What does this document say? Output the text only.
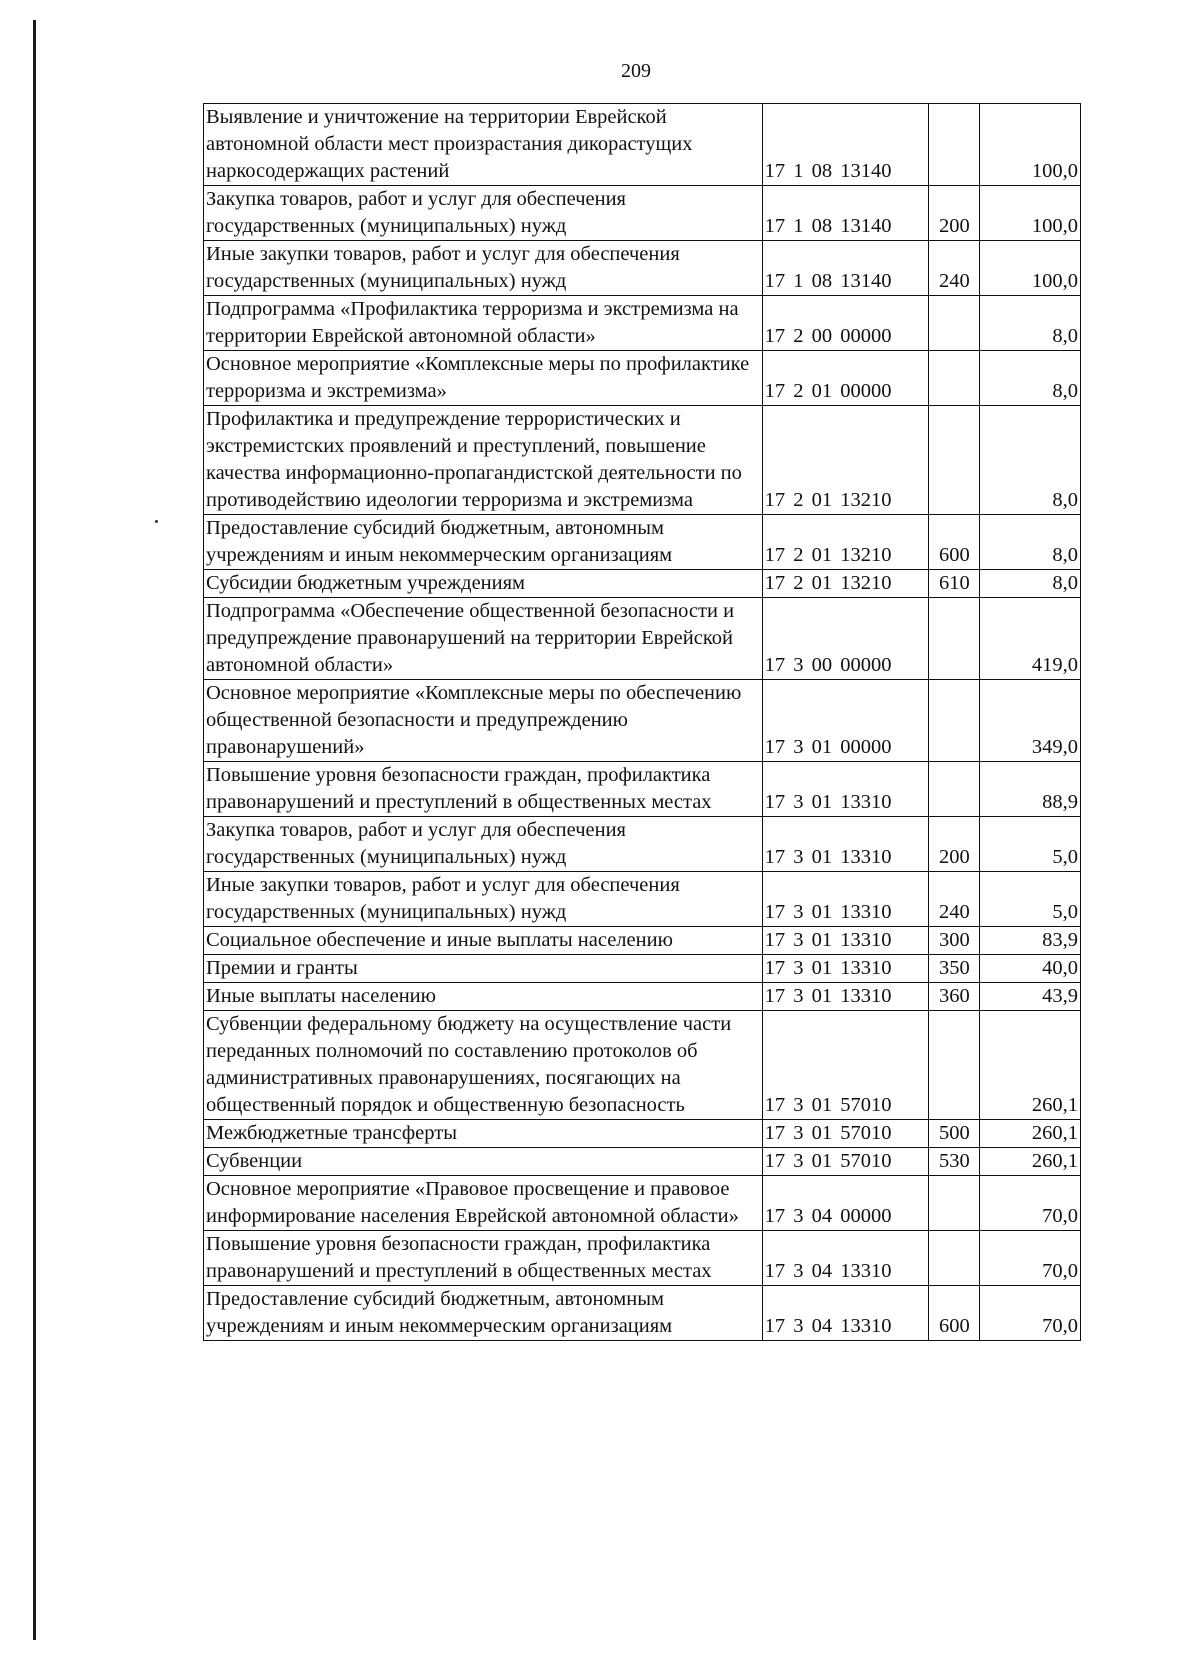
209
Выявление и уничтожение на территории Еврейской автономной области мест произрастания дикорастущих наркосодержащих растений	17 1 08 13140		100,0
Закупка товаров, работ и услуг для обеспечения государственных (муниципальных) нужд	17 1 08 13140	200	100,0
Иные закупки товаров, работ и услуг для обеспечения государственных (муниципальных) нужд	17 1 08 13140	240	100,0
Подпрограмма «Профилактика терроризма и экстремизма на территории Еврейской автономной области»	17 2 00 00000		8,0
Основное мероприятие «Комплексные меры по профилактике терроризма и экстремизма»	17 2 01 00000		8,0
Профилактика и предупреждение террористических и экстремистских проявлений и преступлений, повышение качества информационно-пропагандистской деятельности по противодействию идеологии терроризма и экстремизма	17 2 01 13210		8,0
Предоставление субсидий бюджетным, автономным учреждениям и иным некоммерческим организациям	17 2 01 13210	600	8,0
Субсидии бюджетным учреждениям	17 2 01 13210	610	8,0
Подпрограмма «Обеспечение общественной безопасности и предупреждение правонарушений на территории Еврейской автономной области»	17 3 00 00000		419,0
Основное мероприятие «Комплексные меры по обеспечению общественной безопасности и предупреждению правонарушений»	17 3 01 00000		349,0
Повышение уровня безопасности граждан, профилактика правонарушений и преступлений в общественных местах	17 3 01 13310		88,9
Закупка товаров, работ и услуг для обеспечения государственных (муниципальных) нужд	17 3 01 13310	200	5,0
Иные закупки товаров, работ и услуг для обеспечения государственных (муниципальных) нужд	17 3 01 13310	240	5,0
Социальное обеспечение и иные выплаты населению	17 3 01 13310	300	83,9
Премии и гранты	17 3 01 13310	350	40,0
Иные выплаты населению	17 3 01 13310	360	43,9
Субвенции федеральному бюджету на осуществление части переданных полномочий по составлению протоколов об административных правонарушениях, посягающих на общественный порядок и общественную безопасность	17 3 01 57010		260,1
Межбюджетные трансферты	17 3 01 57010	500	260,1
Субвенции	17 3 01 57010	530	260,1
Основное мероприятие «Правовое просвещение и правовое информирование населения Еврейской автономной области»	17 3 04 00000		70,0
Повышение уровня безопасности граждан, профилактика правонарушений и преступлений в общественных местах	17 3 04 13310		70,0
Предоставление субсидий бюджетным, автономным учреждениям и иным некоммерческим организациям	17 3 04 13310	600	70,0
